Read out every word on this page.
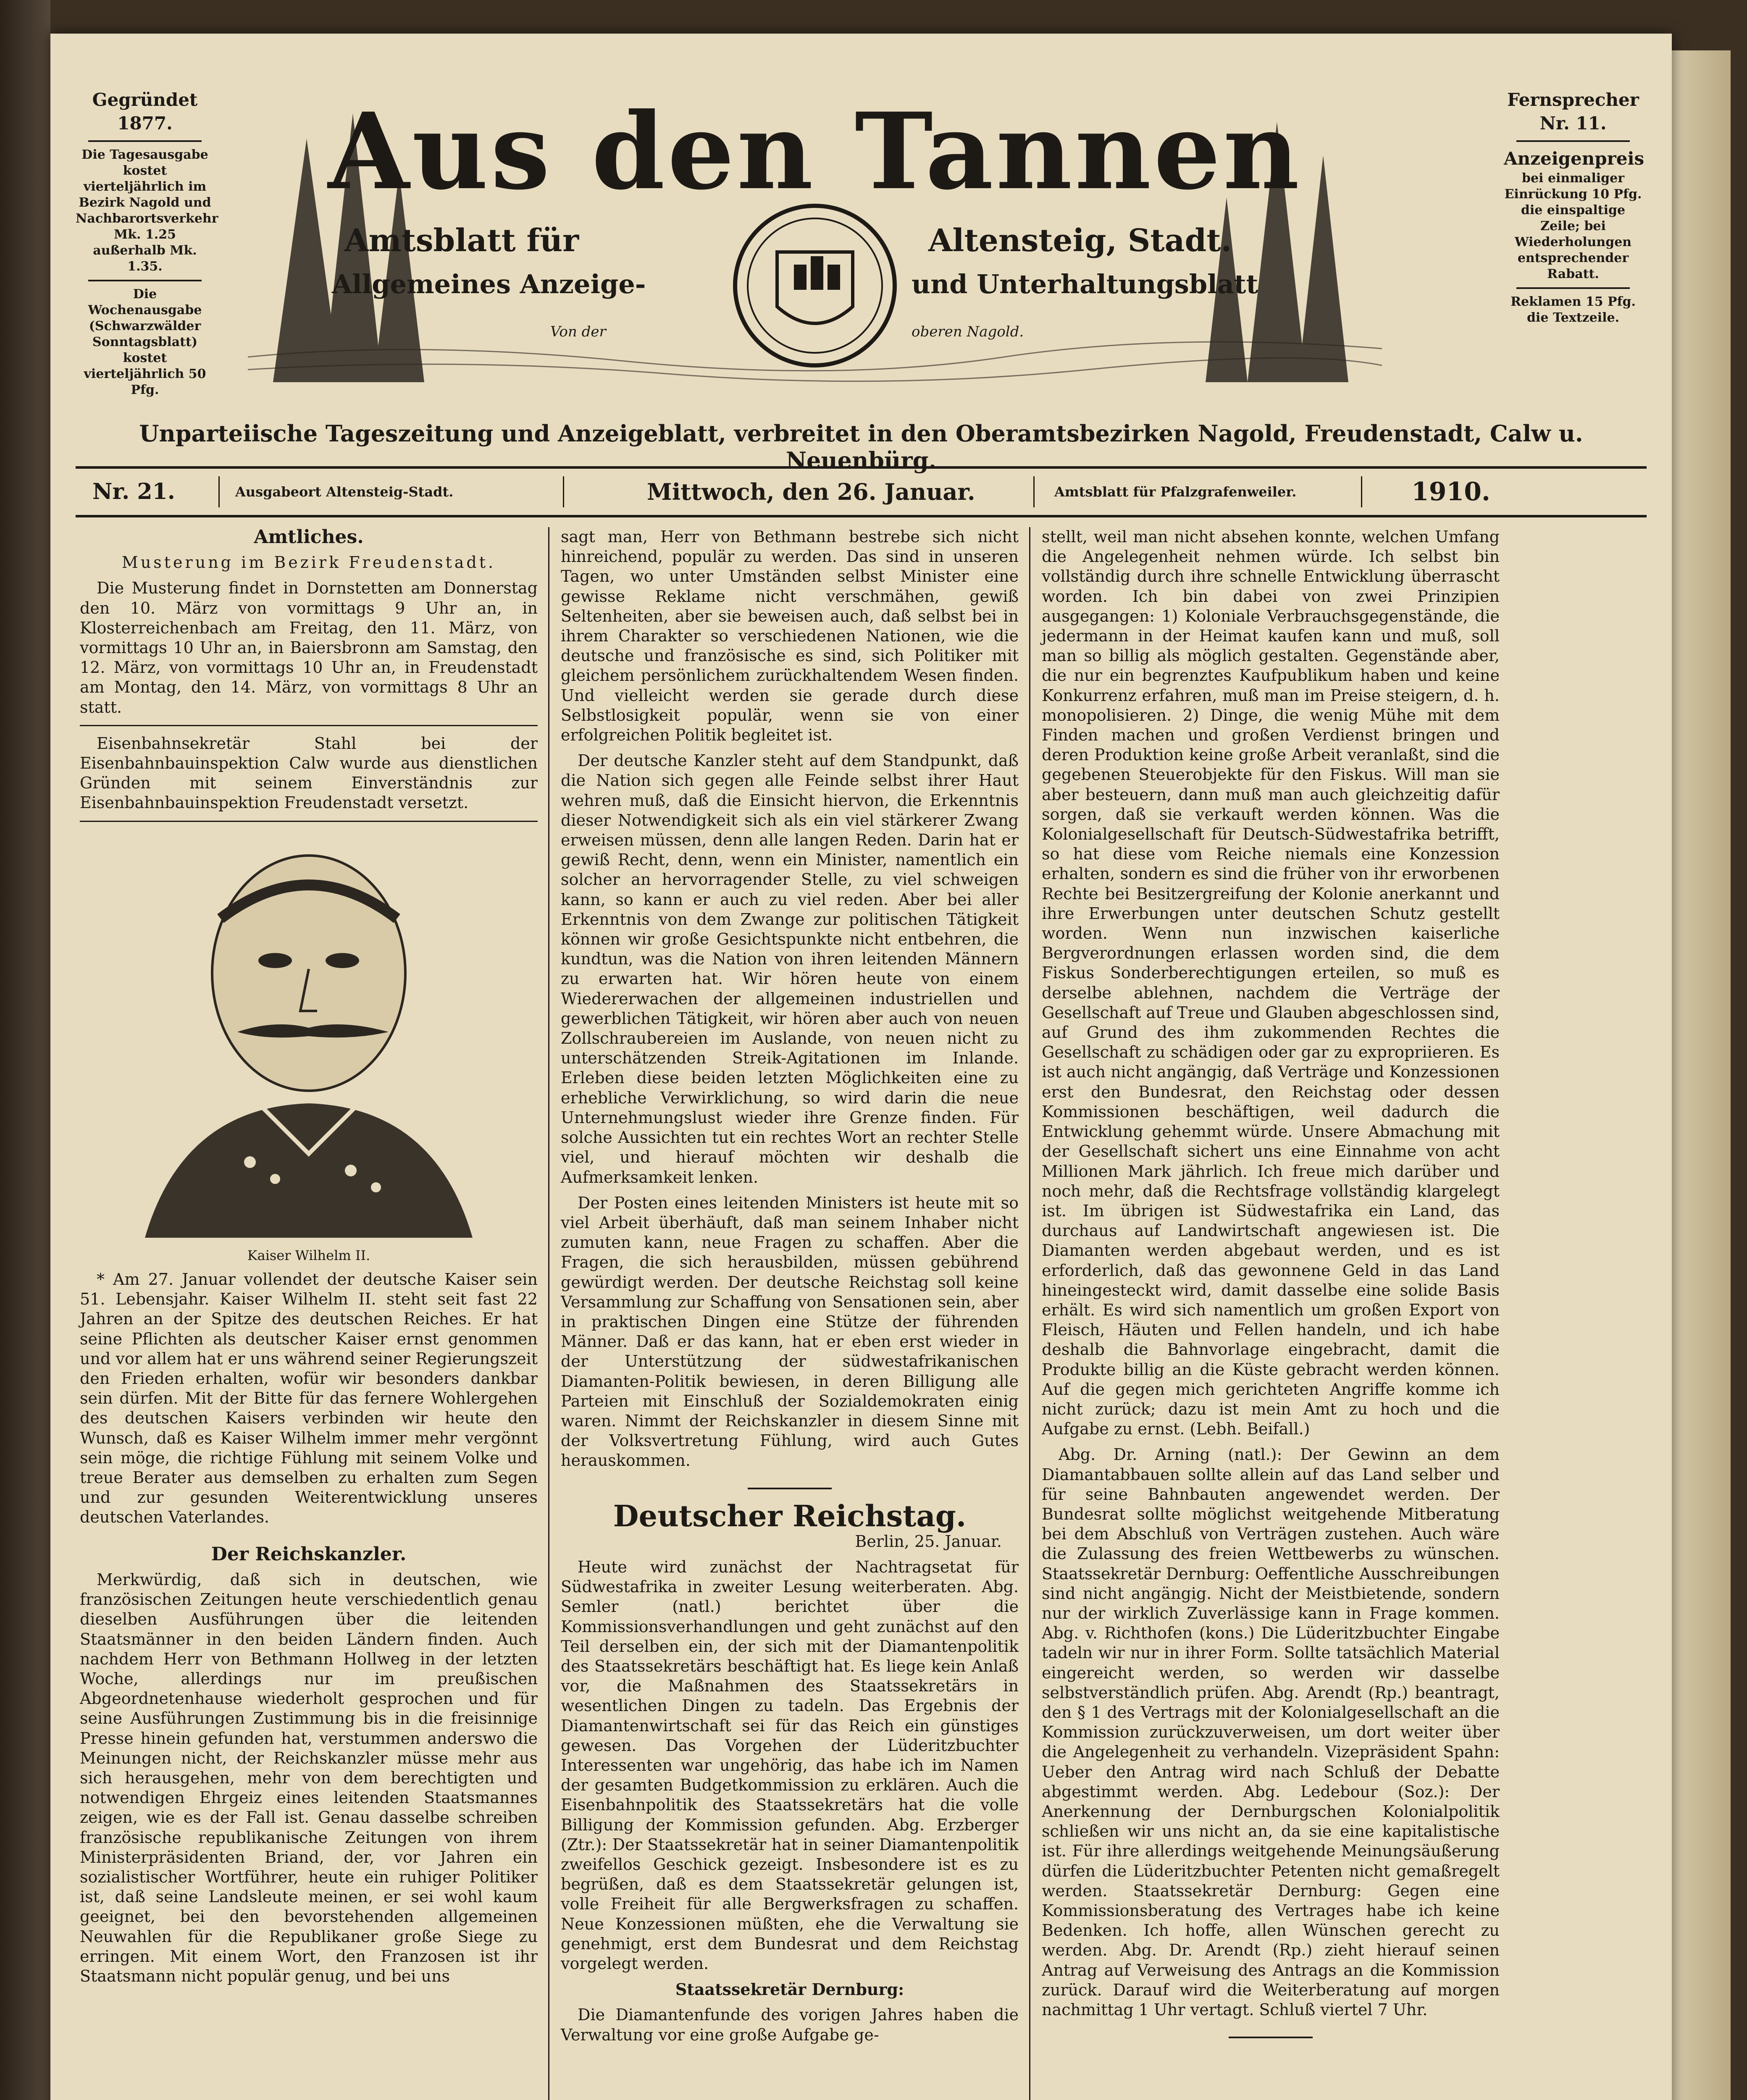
Gegründet
1877.
Die Tagesausgabe kostet vierteljährlich im Bezirk Nagold und Nachbarortsverkehr Mk. 1.25 außerhalb Mk. 1.35.
Die Wochenausgabe (Schwarzwälder Sonntagsblatt) kostet vierteljährlich 50 Pfg.
Aus den Tannen
Amtsblatt für	Altensteig, Stadt.
Allgemeines Anzeige-	und Unterhaltungsblatt
Von der	oberen Nagold.
Fernsprecher
Nr. 11.
Anzeigenpreis
bei einmaliger Einrückung 10 Pfg. die einspaltige Zeile; bei Wiederholungen entsprechender Rabatt.
Reklamen 15 Pfg. die Textzeile.
Unparteiische Tageszeitung und Anzeigeblatt, verbreitet in den Oberamtsbezirken Nagold, Freudenstadt, Calw u. Neuenbürg.
Nr. 21.	Ausgabeort Altensteig-Stadt.	Mittwoch, den 26. Januar.	Amtsblatt für Pfalzgrafenweiler.	1910.

Amtliches.

Musterung im Bezirk Freudenstadt.

Die Musterung findet in Dornstetten am Donnerstag den 10. März von vormittags 9 Uhr an, in Klosterreichenbach am Freitag, den 11. März, von vormittags 10 Uhr an, in Baiersbronn am Samstag, den 12. März, von vormittags 10 Uhr an, in Freudenstadt am Montag, den 14. März, von vormittags 8 Uhr an statt.

Eisenbahnsekretär Stahl bei der Eisenbahnbauinspektion Calw wurde aus dienstlichen Gründen mit seinem Einverständnis zur Eisenbahnbauinspektion Freudenstadt versetzt.

Kaiser Wilhelm II.

* Am 27. Januar vollendet der deutsche Kaiser sein 51. Lebensjahr. Kaiser Wilhelm II. steht seit fast 22 Jahren an der Spitze des deutschen Reiches. Er hat seine Pflichten als deutscher Kaiser ernst genommen und vor allem hat er uns während seiner Regierungszeit den Frieden erhalten, wofür wir besonders dankbar sein dürfen. Mit der Bitte für das fernere Wohlergehen des deutschen Kaisers verbinden wir heute den Wunsch, daß es Kaiser Wilhelm immer mehr vergönnt sein möge, die richtige Fühlung mit seinem Volke und treue Berater aus demselben zu erhalten zum Segen und zur gesunden Weiterentwicklung unseres deutschen Vaterlandes.

Der Reichskanzler.

Merkwürdig, daß sich in deutschen, wie französischen Zeitungen heute verschiedentlich genau dieselben Ausführungen über die leitenden Staatsmänner in den beiden Ländern finden. Auch nachdem Herr von Bethmann Hollweg in der letzten Woche, allerdings nur im preußischen Abgeordnetenhause wiederholt gesprochen und für seine Ausführungen Zustimmung bis in die freisinnige Presse hinein gefunden hat, verstummen anderswo die Meinungen nicht, der Reichskanzler müsse mehr aus sich herausgehen, mehr von dem berechtigten und notwendigen Ehrgeiz eines leitenden Staatsmannes zeigen, wie es der Fall ist. Genau dasselbe schreiben französische republikanische Zeitungen von ihrem Ministerpräsidenten Briand, der, vor Jahren ein sozialistischer Wortführer, heute ein ruhiger Politiker ist, daß seine Landsleute meinen, er sei wohl kaum geeignet, bei den bevorstehenden allgemeinen Neuwahlen für die Republikaner große Siege zu erringen. Mit einem Wort, den Franzosen ist ihr Staatsmann nicht populär genug, und bei uns

sagt man, Herr von Bethmann bestrebe sich nicht hinreichend, populär zu werden. Das sind in unseren Tagen, wo unter Umständen selbst Minister eine gewisse Reklame nicht verschmähen, gewiß Seltenheiten, aber sie beweisen auch, daß selbst bei in ihrem Charakter so verschiedenen Nationen, wie die deutsche und französische es sind, sich Politiker mit gleichem persönlichem zurückhaltendem Wesen finden. Und vielleicht werden sie gerade durch diese Selbstlosigkeit populär, wenn sie von einer erfolgreichen Politik begleitet ist.

Der deutsche Kanzler steht auf dem Standpunkt, daß die Nation sich gegen alle Feinde selbst ihrer Haut wehren muß, daß die Einsicht hiervon, die Erkenntnis dieser Notwendigkeit sich als ein viel stärkerer Zwang erweisen müssen, denn alle langen Reden. Darin hat er gewiß Recht, denn, wenn ein Minister, namentlich ein solcher an hervorragender Stelle, zu viel schweigen kann, so kann er auch zu viel reden. Aber bei aller Erkenntnis von dem Zwange zur politischen Tätigkeit können wir große Gesichtspunkte nicht entbehren, die kundtun, was die Nation von ihren leitenden Männern zu erwarten hat. Wir hören heute von einem Wiedererwachen der allgemeinen industriellen und gewerblichen Tätigkeit, wir hören aber auch von neuen Zollschraubereien im Auslande, von neuen nicht zu unterschätzenden Streik-Agitationen im Inlande. Erleben diese beiden letzten Möglichkeiten eine zu erhebliche Verwirklichung, so wird darin die neue Unternehmungslust wieder ihre Grenze finden. Für solche Aussichten tut ein rechtes Wort an rechter Stelle viel, und hierauf möchten wir deshalb die Aufmerksamkeit lenken.

Der Posten eines leitenden Ministers ist heute mit so viel Arbeit überhäuft, daß man seinem Inhaber nicht zumuten kann, neue Fragen zu schaffen. Aber die Fragen, die sich herausbilden, müssen gebührend gewürdigt werden. Der deutsche Reichstag soll keine Versammlung zur Schaffung von Sensationen sein, aber in praktischen Dingen eine Stütze der führenden Männer. Daß er das kann, hat er eben erst wieder in der Unterstützung der südwestafrikanischen Diamanten-Politik bewiesen, in deren Billigung alle Parteien mit Einschluß der Sozialdemokraten einig waren. Nimmt der Reichskanzler in diesem Sinne mit der Volksvertretung Fühlung, wird auch Gutes herauskommen.

Deutscher Reichstag.

Berlin, 25. Januar.

Heute wird zunächst der Nachtragsetat für Südwestafrika in zweiter Lesung weiterberaten. Abg. Semler (natl.) berichtet über die Kommissionsverhandlungen und geht zunächst auf den Teil derselben ein, der sich mit der Diamantenpolitik des Staatssekretärs beschäftigt hat. Es liege kein Anlaß vor, die Maßnahmen des Staatssekretärs in wesentlichen Dingen zu tadeln. Das Ergebnis der Diamantenwirtschaft sei für das Reich ein günstiges gewesen. Das Vorgehen der Lüderitzbuchter Interessenten war ungehörig, das habe ich im Namen der gesamten Budgetkommission zu erklären. Auch die Eisenbahnpolitik des Staatssekretärs hat die volle Billigung der Kommission gefunden. Abg. Erzberger (Ztr.): Der Staatssekretär hat in seiner Diamantenpolitik zweifellos Geschick gezeigt. Insbesondere ist es zu begrüßen, daß es dem Staatssekretär gelungen ist, volle Freiheit für alle Bergwerksfragen zu schaffen. Neue Konzessionen müßten, ehe die Verwaltung sie genehmigt, erst dem Bundesrat und dem Reichstag vorgelegt werden.

Staatssekretär Dernburg:

Die Diamantenfunde des vorigen Jahres haben die Verwaltung vor eine große Aufgabe ge-

stellt, weil man nicht absehen konnte, welchen Umfang die Angelegenheit nehmen würde. Ich selbst bin vollständig durch ihre schnelle Entwicklung überrascht worden. Ich bin dabei von zwei Prinzipien ausgegangen: 1) Koloniale Verbrauchsgegenstände, die jedermann in der Heimat kaufen kann und muß, soll man so billig als möglich gestalten. Gegenstände aber, die nur ein begrenztes Kaufpublikum haben und keine Konkurrenz erfahren, muß man im Preise steigern, d. h. monopolisieren. 2) Dinge, die wenig Mühe mit dem Finden machen und großen Verdienst bringen und deren Produktion keine große Arbeit veranlaßt, sind die gegebenen Steuerobjekte für den Fiskus. Will man sie aber besteuern, dann muß man auch gleichzeitig dafür sorgen, daß sie verkauft werden können. Was die Kolonialgesellschaft für Deutsch-Südwestafrika betrifft, so hat diese vom Reiche niemals eine Konzession erhalten, sondern es sind die früher von ihr erworbenen Rechte bei Besitzergreifung der Kolonie anerkannt und ihre Erwerbungen unter deutschen Schutz gestellt worden. Wenn nun inzwischen kaiserliche Bergverordnungen erlassen worden sind, die dem Fiskus Sonderberechtigungen erteilen, so muß es derselbe ablehnen, nachdem die Verträge der Gesellschaft auf Treue und Glauben abgeschlossen sind, auf Grund des ihm zukommenden Rechtes die Gesellschaft zu schädigen oder gar zu expropriieren. Es ist auch nicht angängig, daß Verträge und Konzessionen erst den Bundesrat, den Reichstag oder dessen Kommissionen beschäftigen, weil dadurch die Entwicklung gehemmt würde. Unsere Abmachung mit der Gesellschaft sichert uns eine Einnahme von acht Millionen Mark jährlich. Ich freue mich darüber und noch mehr, daß die Rechtsfrage vollständig klargelegt ist. Im übrigen ist Südwestafrika ein Land, das durchaus auf Landwirtschaft angewiesen ist. Die Diamanten werden abgebaut werden, und es ist erforderlich, daß das gewonnene Geld in das Land hineingesteckt wird, damit dasselbe eine solide Basis erhält. Es wird sich namentlich um großen Export von Fleisch, Häuten und Fellen handeln, und ich habe deshalb die Bahnvorlage eingebracht, damit die Produkte billig an die Küste gebracht werden können. Auf die gegen mich gerichteten Angriffe komme ich nicht zurück; dazu ist mein Amt zu hoch und die Aufgabe zu ernst. (Lebh. Beifall.)

Abg. Dr. Arning (natl.): Der Gewinn an dem Diamantabbauen sollte allein auf das Land selber und für seine Bahnbauten angewendet werden. Der Bundesrat sollte möglichst weitgehende Mitberatung bei dem Abschluß von Verträgen zustehen. Auch wäre die Zulassung des freien Wettbewerbs zu wünschen. Staatssekretär Dernburg: Oeffentliche Ausschreibungen sind nicht angängig. Nicht der Meistbietende, sondern nur der wirklich Zuverlässige kann in Frage kommen. Abg. v. Richthofen (kons.) Die Lüderitzbuchter Eingabe tadeln wir nur in ihrer Form. Sollte tatsächlich Material eingereicht werden, so werden wir dasselbe selbstverständlich prüfen. Abg. Arendt (Rp.) beantragt, den § 1 des Vertrags mit der Kolonialgesellschaft an die Kommission zurückzuverweisen, um dort weiter über die Angelegenheit zu verhandeln. Vizepräsident Spahn: Ueber den Antrag wird nach Schluß der Debatte abgestimmt werden. Abg. Ledebour (Soz.): Der Anerkennung der Dernburgschen Kolonialpolitik schließen wir uns nicht an, da sie eine kapitalistische ist. Für ihre allerdings weitgehende Meinungsäußerung dürfen die Lüderitzbuchter Petenten nicht gemaßregelt werden. Staatssekretär Dernburg: Gegen eine Kommissionsberatung des Vertrages habe ich keine Bedenken. Ich hoffe, allen Wünschen gerecht zu werden. Abg. Dr. Arendt (Rp.) zieht hierauf seinen Antrag auf Verweisung des Antrags an die Kommission zurück. Darauf wird die Weiterberatung auf morgen nachmittag 1 Uhr vertagt. Schluß viertel 7 Uhr.
